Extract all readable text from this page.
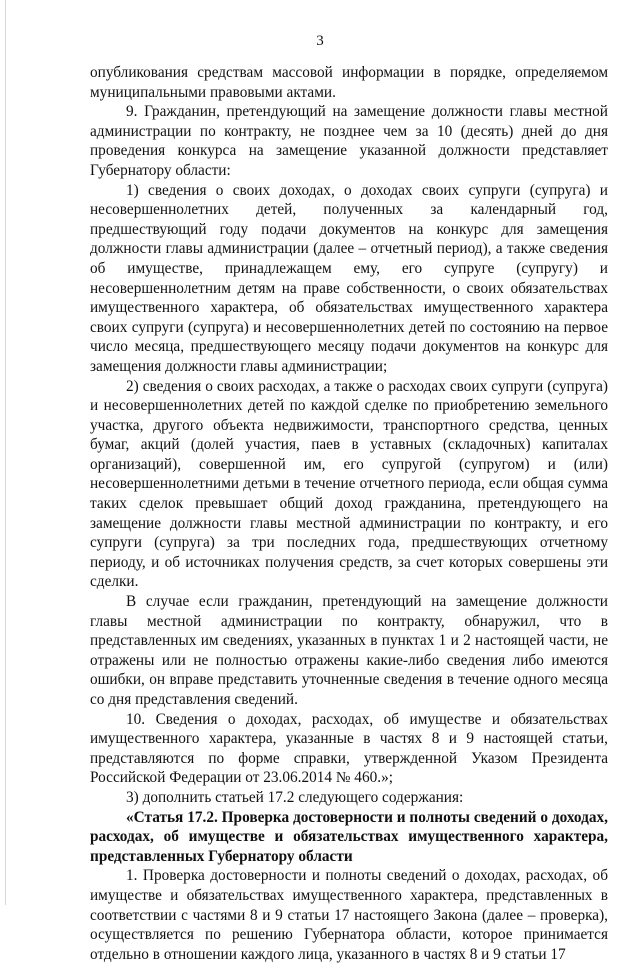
3

опубликования средствам массовой информации в порядке, определяемом муниципальными правовыми актами.

9. Гражданин, претендующий на замещение должности главы местной администрации по контракту, не позднее чем за 10 (десять) дней до дня проведения конкурса на замещение указанной должности представляет Губернатору области:

1) сведения о своих доходах, о доходах своих супруги (супруга) и несовершеннолетних детей, полученных за календарный год, предшествующий году подачи документов на конкурс для замещения должности главы администрации (далее – отчетный период), а также сведения об имуществе, принадлежащем ему, его супруге (супругу) и несовершеннолетним детям на праве собственности, о своих обязательствах имущественного характера, об обязательствах имущественного характера своих супруги (супруга) и несовершеннолетних детей по состоянию на первое число месяца, предшествующего месяцу подачи документов на конкурс для замещения должности главы администрации;

2) сведения о своих расходах, а также о расходах своих супруги (супруга) и несовершеннолетних детей по каждой сделке по приобретению земельного участка, другого объекта недвижимости, транспортного средства, ценных бумаг, акций (долей участия, паев в уставных (складочных) капиталах организаций), совершенной им, его супругой (супругом) и (или) несовершеннолетними детьми в течение отчетного периода, если общая сумма таких сделок превышает общий доход гражданина, претендующего на замещение должности главы местной администрации по контракту, и его супруги (супруга) за три последних года, предшествующих отчетному периоду, и об источниках получения средств, за счет которых совершены эти сделки.

В случае если гражданин, претендующий на замещение должности главы местной администрации по контракту, обнаружил, что в представленных им сведениях, указанных в пунктах 1 и 2 настоящей части, не отражены или не полностью отражены какие-либо сведения либо имеются ошибки, он вправе представить уточненные сведения в течение одного месяца со дня представления сведений.

10. Сведения о доходах, расходах, об имуществе и обязательствах имущественного характера, указанные в частях 8 и 9 настоящей статьи, представляются по форме справки, утвержденной Указом Президента Российской Федерации от 23.06.2014 № 460.»;

3) дополнить статьей 17.2 следующего содержания:

«Статья 17.2. Проверка достоверности и полноты сведений о доходах, расходах, об имуществе и обязательствах имущественного характера, представленных Губернатору области

1. Проверка достоверности и полноты сведений о доходах, расходах, об имуществе и обязательствах имущественного характера, представленных в соответствии с частями 8 и 9 статьи 17 настоящего Закона (далее – проверка), осуществляется по решению Губернатора области, которое принимается отдельно в отношении каждого лица, указанного в частях 8 и 9 статьи 17
